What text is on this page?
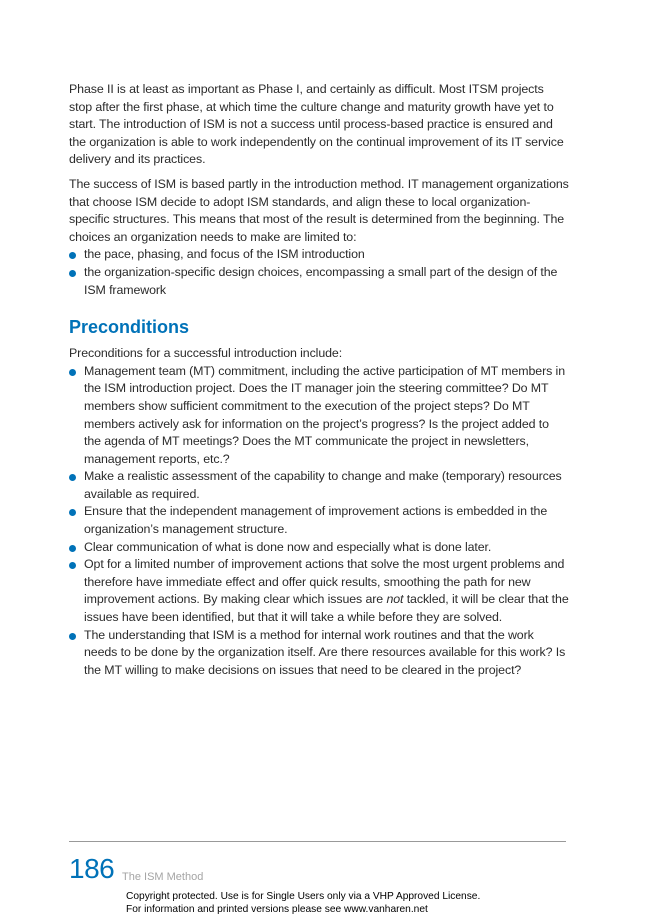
Phase II is at least as important as Phase I, and certainly as difficult. Most ITSM projects stop after the first phase, at which time the culture change and maturity growth have yet to start. The introduction of ISM is not a success until process-based practice is ensured and the organization is able to work independently on the continual improvement of its IT service delivery and its practices.

The success of ISM is based partly in the introduction method. IT management organizations that choose ISM decide to adopt ISM standards, and align these to local organization-specific structures. This means that most of the result is determined from the beginning. The choices an organization needs to make are limited to:

the pace, phasing, and focus of the ISM introduction
the organization-specific design choices, encompassing a small part of the design of the ISM framework
Preconditions

Preconditions for a successful introduction include:

Management team (MT) commitment, including the active participation of MT members in the ISM introduction project. Does the IT manager join the steering committee? Do MT members show sufficient commitment to the execution of the project steps? Do MT members actively ask for information on the project’s progress? Is the project added to the agenda of MT meetings? Does the MT communicate the project in newsletters, management reports, etc.?
Make a realistic assessment of the capability to change and make (temporary) resources available as required.
Ensure that the independent management of improvement actions is embedded in the organization’s management structure.
Clear communication of what is done now and especially what is done later.
Opt for a limited number of improvement actions that solve the most urgent problems and therefore have immediate effect and offer quick results, smoothing the path for new improvement actions. By making clear which issues are not tackled, it will be clear that the issues have been identified, but that it will take a while before they are solved.
The understanding that ISM is a method for internal work routines and that the work needs to be done by the organization itself. Are there resources available for this work? Is the MT willing to make decisions on issues that need to be cleared in the project?
186 The ISM Method
Copyright protected. Use is for Single Users only via a VHP Approved License.
For information and printed versions please see www.vanharen.net
